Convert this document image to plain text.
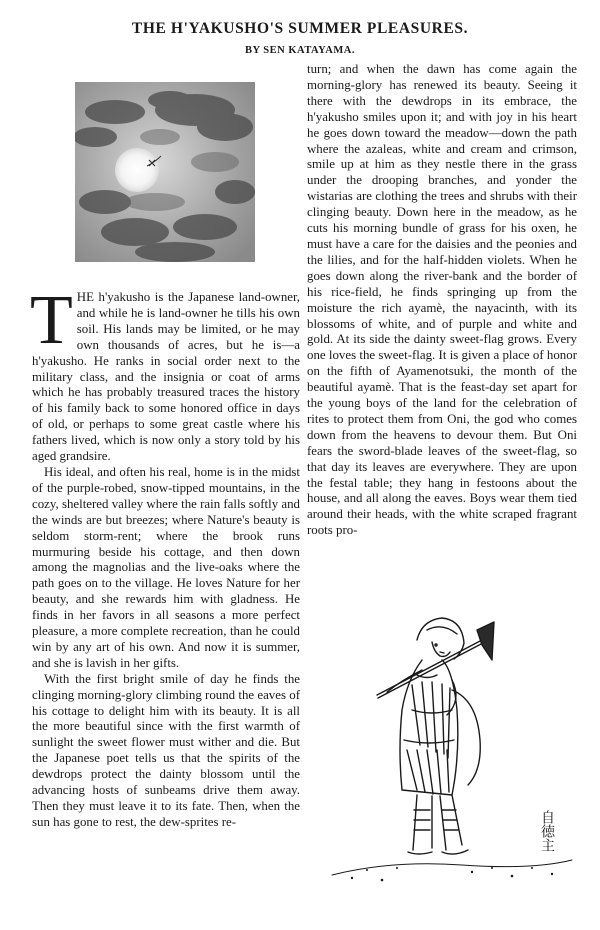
THE H'YAKUSHO'S SUMMER PLEASURES.
BY SEN KATAYAMA.

THE h'yakusho is the Japanese land-owner, and while he is land-owner he tills his own soil. His lands may be limited, or he may own thousands of acres, but he is—a h'yakusho. He ranks in social order next to the military class, and the insignia or coat of arms which he has probably treasured traces the history of his family back to some honored office in days of old, or perhaps to some great castle where his fathers lived, which is now only a story told by his aged grandsire.

His ideal, and often his real, home is in the midst of the purple-robed, snow-tipped mountains, in the cozy, sheltered valley where the rain falls softly and the winds are but breezes; where Nature's beauty is seldom storm-rent; where the brook runs murmuring beside his cottage, and then down among the magnolias and the live-oaks where the path goes on to the village. He loves Nature for her beauty, and she rewards him with gladness. He finds in her favors in all seasons a more perfect pleasure, a more complete recreation, than he could win by any art of his own. And now it is summer, and she is lavish in her gifts.

With the first bright smile of day he finds the clinging morning-glory climbing round the eaves of his cottage to delight him with its beauty. It is all the more beautiful since with the first warmth of sunlight the sweet flower must wither and die. But the Japanese poet tells us that the spirits of the dewdrops protect the dainty blossom until the advancing hosts of sunbeams drive them away. Then they must leave it to its fate. Then, when the sun has gone to rest, the dew-sprites re-

turn; and when the dawn has come again the morning-glory has renewed its beauty. Seeing it there with the dewdrops in its embrace, the h'yakusho smiles upon it; and with joy in his heart he goes down toward the meadow—down the path where the azaleas, white and cream and crimson, smile up at him as they nestle there in the grass under the drooping branches, and yonder the wistarias are clothing the trees and shrubs with their clinging beauty. Down here in the meadow, as he cuts his morning bundle of grass for his oxen, he must have a care for the daisies and the peonies and the lilies, and for the half-hidden violets. When he goes down along the river-bank and the border of his rice-field, he finds springing up from the moisture the rich ayamè, the nayacinth, with its blossoms of white, and of purple and white and gold. At its side the dainty sweet-flag grows. Every one loves the sweet-flag. It is given a place of honor on the fifth of Ayamenotsuki, the month of the beautiful ayamè. That is the feast-day set apart for the young boys of the land for the celebration of rites to protect them from Oni, the god who comes down from the heavens to devour them. But Oni fears the sword-blade leaves of the sweet-flag, so that day its leaves are everywhere. They are upon the festal table; they hang in festoons about the house, and all along the eaves. Boys wear them tied around their heads, with the white scraped fragrant roots pro-

自徳主
